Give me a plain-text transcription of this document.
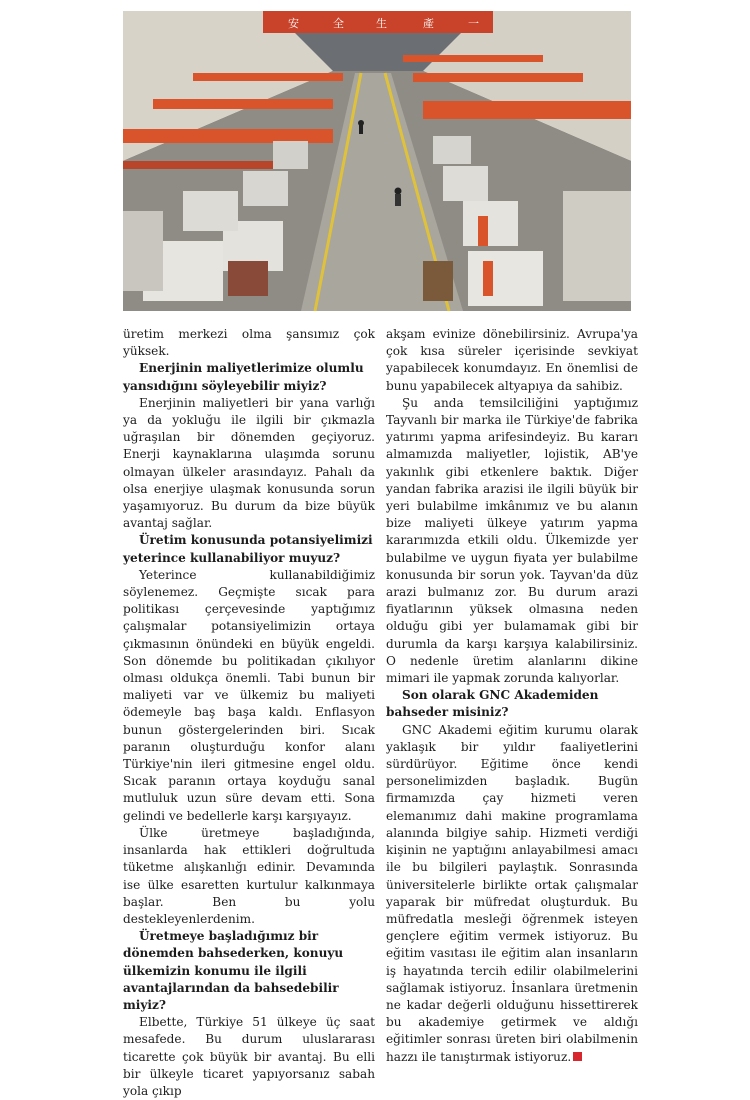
安	全	生	產	一

üretim merkezi olma şansımız çok yüksek.

Enerjinin maliyetlerimize olumlu yansıdığını söyleyebilir miyiz?

Enerjinin maliyetleri bir yana varlığı ya da yokluğu ile ilgili bir çıkmazla uğraşılan bir dönemden geçiyoruz. Enerji kaynaklarına ulaşımda sorunu olmayan ülkeler arasındayız. Pahalı da olsa enerjiye ulaşmak konusunda sorun yaşamıyoruz. Bu durum da bize büyük avantaj sağlar.

Üretim konusunda potansiyelimizi yeterince kullanabiliyor muyuz?

Yeterince kullanabildiğimiz söylenemez. Geçmişte sıcak para politikası çerçevesinde yaptığımız çalışmalar potansiyelimizin ortaya çıkmasının önündeki en büyük engeldi. Son dönemde bu politikadan çıkılıyor olması oldukça önemli. Tabi bunun bir maliyeti var ve ülkemiz bu maliyeti ödemeyle baş başa kaldı. Enflasyon bunun göstergelerinden biri. Sıcak paranın oluşturduğu konfor alanı Türkiye'nin ileri gitmesine engel oldu. Sıcak paranın ortaya koyduğu sanal mutluluk uzun süre devam etti. Sona gelindi ve bedellerle karşı karşıyayız.

Ülke üretmeye başladığında, insanlarda hak ettikleri doğrultuda tüketme alışkanlığı edinir. Devamında ise ülke esaretten kurtulur kalkınmaya başlar. Ben bu yolu destekleyenlerdenim.

Üretmeye başladığımız bir dönemden bahsederken, konuyu ülkemizin konumu ile ilgili avantajlarından da bahsedebilir miyiz?

Elbette, Türkiye 51 ülkeye üç saat mesafede. Bu durum uluslararası ticarette çok büyük bir avantaj. Bu elli bir ülkeyle ticaret yapıyorsanız sabah yola çıkıp

akşam evinize dönebilirsiniz. Avrupa'ya çok kısa süreler içerisinde sevkiyat yapabilecek konumdayız. En önemlisi de bunu yapabilecek altyapıya da sahibiz.

Şu anda temsilciliğini yaptığımız Tayvanlı bir marka ile Türkiye'de fabrika yatırımı yapma arifesindeyiz. Bu kararı almamızda maliyetler, lojistik, AB'ye yakınlık gibi etkenlere baktık. Diğer yandan fabrika arazisi ile ilgili büyük bir yeri bulabilme imkânımız ve bu alanın bize maliyeti ülkeye yatırım yapma kararımızda etkili oldu. Ülkemizde yer bulabilme ve uygun fiyata yer bulabilme konusunda bir sorun yok. Tayvan'da düz arazi bulmanız zor. Bu durum arazi fiyatlarının yüksek olmasına neden olduğu gibi yer bulamamak gibi bir durumla da karşı karşıya kalabilirsiniz. O nedenle üretim alanlarını dikine mimari ile yapmak zorunda kalıyorlar.

Son olarak GNC Akademiden bahseder misiniz?

GNC Akademi eğitim kurumu olarak yaklaşık bir yıldır faaliyetlerini sürdürüyor. Eğitime önce kendi personelimizden başladık. Bugün firmamızda çay hizmeti veren elemanımız dahi makine programlama alanında bilgiye sahip. Hizmeti verdiği kişinin ne yaptığını anlayabilmesi amacı ile bu bilgileri paylaştık. Sonrasında üniversitelerle birlikte ortak çalışmalar yaparak bir müfredat oluşturduk. Bu müfredatla mesleği öğrenmek isteyen gençlere eğitim vermek istiyoruz. Bu eğitim vasıtası ile eğitim alan insanların iş hayatında tercih edilir olabilmelerini sağlamak istiyoruz. İnsanlara üretmenin ne kadar değerli olduğunu hissettirerek bu akademiye getirmek ve aldığı eğitimler sonrası üreten biri olabilmenin hazzı ile tanıştırmak istiyoruz.
